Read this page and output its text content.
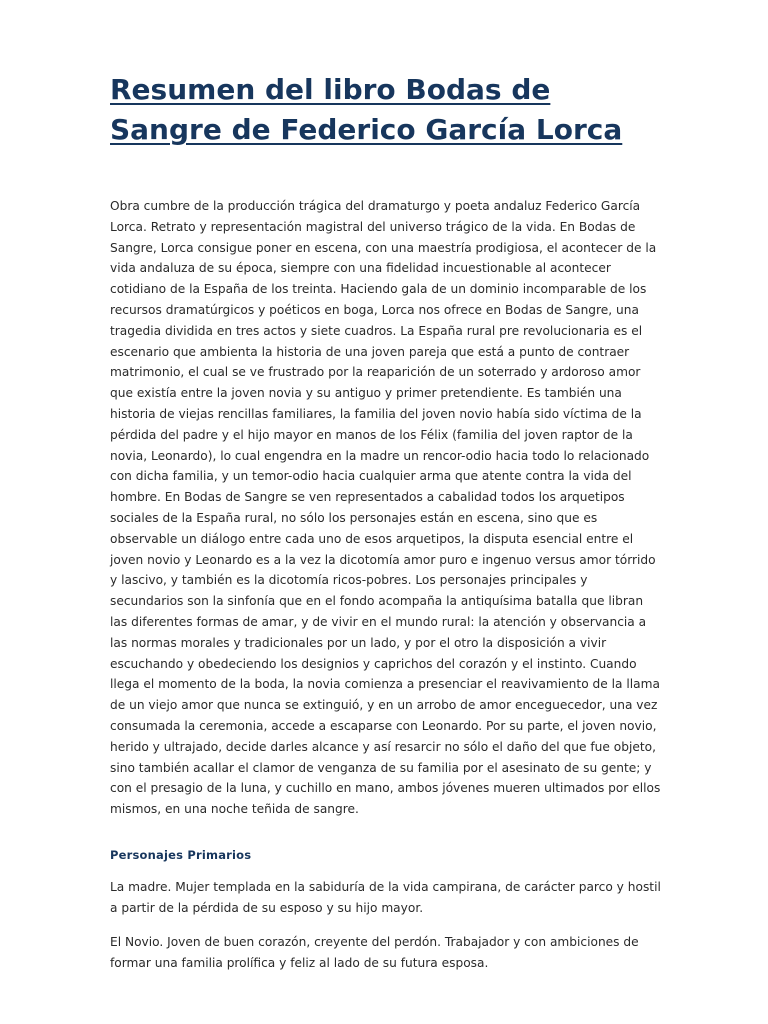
Resumen del libro Bodas de Sangre de Federico García Lorca

Obra cumbre de la producción trágica del dramaturgo y poeta andaluz Federico García Lorca. Retrato y representación magistral del universo trágico de la vida. En Bodas de Sangre, Lorca consigue poner en escena, con una maestría prodigiosa, el acontecer de la vida andaluza de su época, siempre con una fidelidad incuestionable al acontecer cotidiano de la España de los treinta. Haciendo gala de un dominio incomparable de los recursos dramatúrgicos y poéticos en boga, Lorca nos ofrece en Bodas de Sangre, una tragedia dividida en tres actos y siete cuadros. La España rural pre revolucionaria es el escenario que ambienta la historia de una joven pareja que está a punto de contraer matrimonio, el cual se ve frustrado por la reaparición de un soterrado y ardoroso amor que existía entre la joven novia y su antiguo y primer pretendiente. Es también una historia de viejas rencillas familiares, la familia del joven novio había sido víctima de la pérdida del padre y el hijo mayor en manos de los Félix (familia del joven raptor de la novia, Leonardo), lo cual engendra en la madre un rencor-odio hacia todo lo relacionado con dicha familia, y un temor-odio hacia cualquier arma que atente contra la vida del hombre. En Bodas de Sangre se ven representados a cabalidad todos los arquetipos sociales de la España rural, no sólo los personajes están en escena, sino que es observable un diálogo entre cada uno de esos arquetipos, la disputa esencial entre el joven novio y Leonardo es a la vez la dicotomía amor puro e ingenuo versus amor tórrido y lascivo, y también es la dicotomía ricos-pobres. Los personajes principales y secundarios son la sinfonía que en el fondo acompaña la antiquísima batalla que libran las diferentes formas de amar, y de vivir en el mundo rural: la atención y observancia a las normas morales y tradicionales por un lado, y por el otro la disposición a vivir escuchando y obedeciendo los designios y caprichos del corazón y el instinto. Cuando llega el momento de la boda, la novia comienza a presenciar el reavivamiento de la llama de un viejo amor que nunca se extinguió, y en un arrobo de amor enceguecedor, una vez consumada la ceremonia, accede a escaparse con Leonardo. Por su parte, el joven novio, herido y ultrajado, decide darles alcance y así resarcir no sólo el daño del que fue objeto, sino también acallar el clamor de venganza de su familia por el asesinato de su gente; y con el presagio de la luna, y cuchillo en mano, ambos jóvenes mueren ultimados por ellos mismos, en una noche teñida de sangre.

Personajes Primarios

La madre. Mujer templada en la sabiduría de la vida campirana, de carácter parco y hostil a partir de la pérdida de su esposo y su hijo mayor.

El Novio. Joven de buen corazón, creyente del perdón. Trabajador y con ambiciones de formar una familia prolífica y feliz al lado de su futura esposa.
